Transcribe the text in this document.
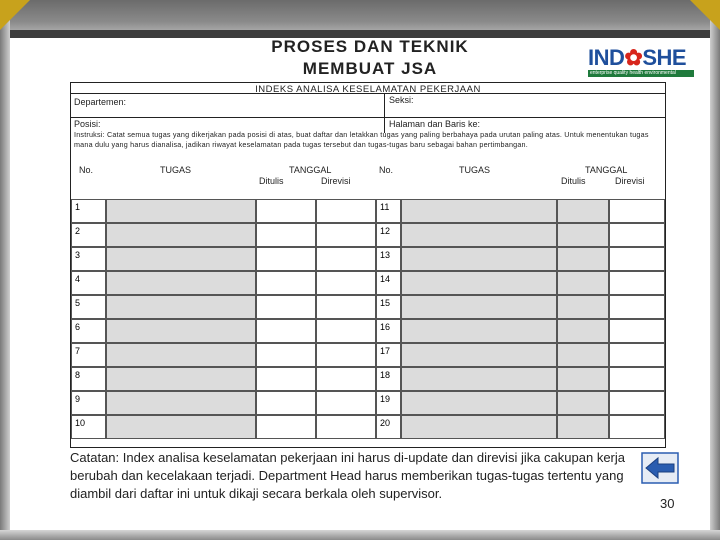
PROSES DAN TEKNIK
MEMBUAT JSA	IND✿SHE
enterprise quality health environmental
INDEKS ANALISA KESELAMATAN PEKERJAAN
Departemen:	Seksi:
Posisi:	Halaman dan Baris ke:
Instruksi: Catat semua tugas yang dikerjakan pada posisi di atas, buat daftar dan letakkan tugas yang paling berbahaya pada urutan paling atas. Untuk menentukan tugas mana dulu yang harus dianalisa, jadikan riwayat keselamatan pada tugas tersebut dan tugas-tugas baru sebagai bahan pertimbangan.
No.	TUGAS	TANGGAL
Ditulis	Direvisi
No.	TUGAS	TANGGAL
Ditulis	Direvisi
1	11
2	12
3	13
4	14
5	15
6	16
7	17
8	18
9	19
10	20
Catatan: Index analisa keselamatan pekerjaan ini harus di-update dan direvisi jika cakupan kerja berubah dan kecelakaan terjadi. Department Head harus memberikan tugas-tugas tertentu yang diambil dari daftar ini untuk dikaji secara berkala oleh supervisor.
30
